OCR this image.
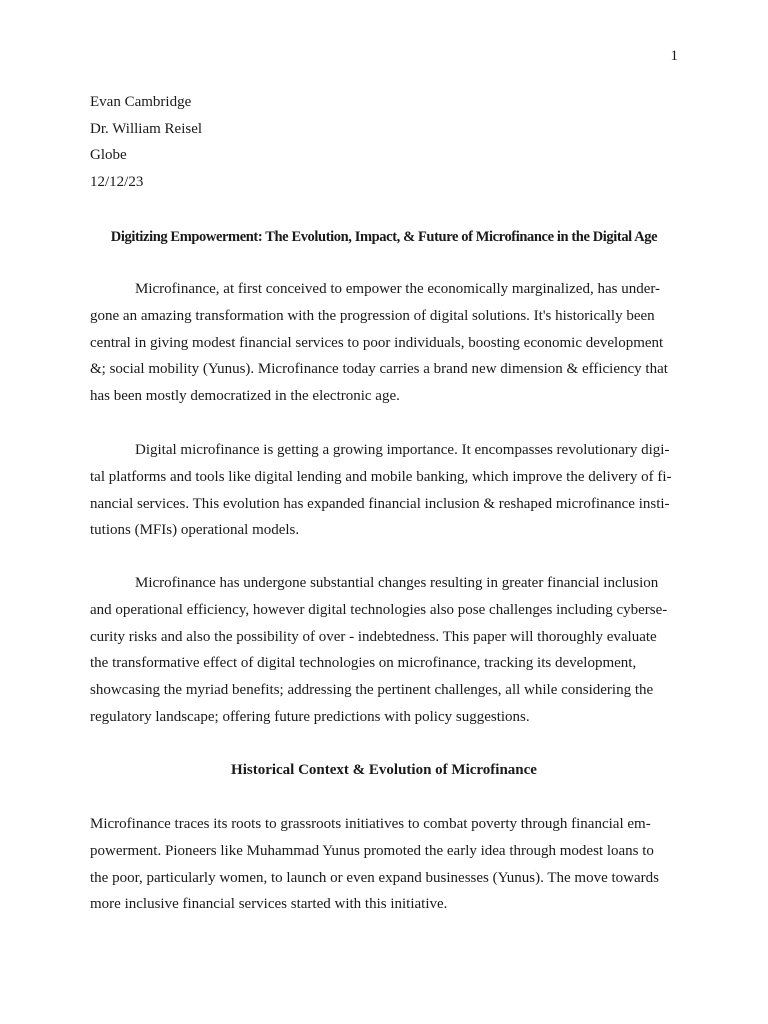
1
Evan Cambridge
Dr. William Reisel
Globe
12/12/23
Digitizing Empowerment: The Evolution, Impact, & Future of Microfinance in the Digital Age

Microfinance, at first conceived to empower the economically marginalized, has under-
gone an amazing transformation with the progression of digital solutions. It's historically been
central in giving modest financial services to poor individuals, boosting economic development
&; social mobility (Yunus). Microfinance today carries a brand new dimension & efficiency that
has been mostly democratized in the electronic age.

Digital microfinance is getting a growing importance. It encompasses revolutionary digi-
tal platforms and tools like digital lending and mobile banking, which improve the delivery of fi-
nancial services. This evolution has expanded financial inclusion & reshaped microfinance insti-
tutions (MFIs) operational models.

Microfinance has undergone substantial changes resulting in greater financial inclusion
and operational efficiency, however digital technologies also pose challenges including cyberse-
curity risks and also the possibility of over - indebtedness. This paper will thoroughly evaluate
the transformative effect of digital technologies on microfinance, tracking its development,
showcasing the myriad benefits; addressing the pertinent challenges, all while considering the
regulatory landscape; offering future predictions with policy suggestions.

Historical Context & Evolution of Microfinance

Microfinance traces its roots to grassroots initiatives to combat poverty through financial em-
powerment. Pioneers like Muhammad Yunus promoted the early idea through modest loans to
the poor, particularly women, to launch or even expand businesses (Yunus). The move towards
more inclusive financial services started with this initiative.
